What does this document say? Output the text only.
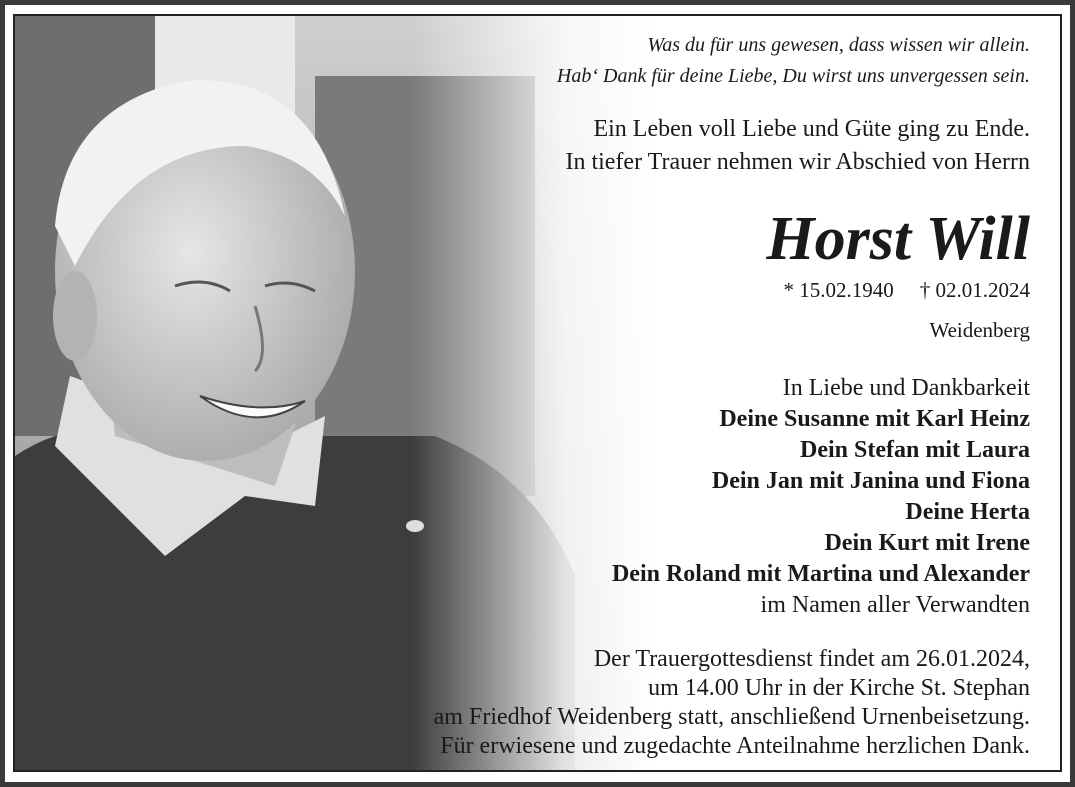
Was du für uns gewesen, dass wissen wir allein.
Hab‘ Dank für deine Liebe, Du wirst uns unvergessen sein.
Ein Leben voll Liebe und Güte ging zu Ende.
In tiefer Trauer nehmen wir Abschied von Herrn
Horst Will
* 15.02.1940 † 02.01.2024
Weidenberg
In Liebe und Dankbarkeit
Deine Susanne mit Karl Heinz
Dein Stefan mit Laura
Dein Jan mit Janina und Fiona
Deine Herta
Dein Kurt mit Irene
Dein Roland mit Martina und Alexander
im Namen aller Verwandten
Der Trauergottesdienst findet am 26.01.2024,
um 14.00 Uhr in der Kirche St. Stephan
am Friedhof Weidenberg statt, anschließend Urnenbeisetzung.
Für erwiesene und zugedachte Anteilnahme herzlichen Dank.
